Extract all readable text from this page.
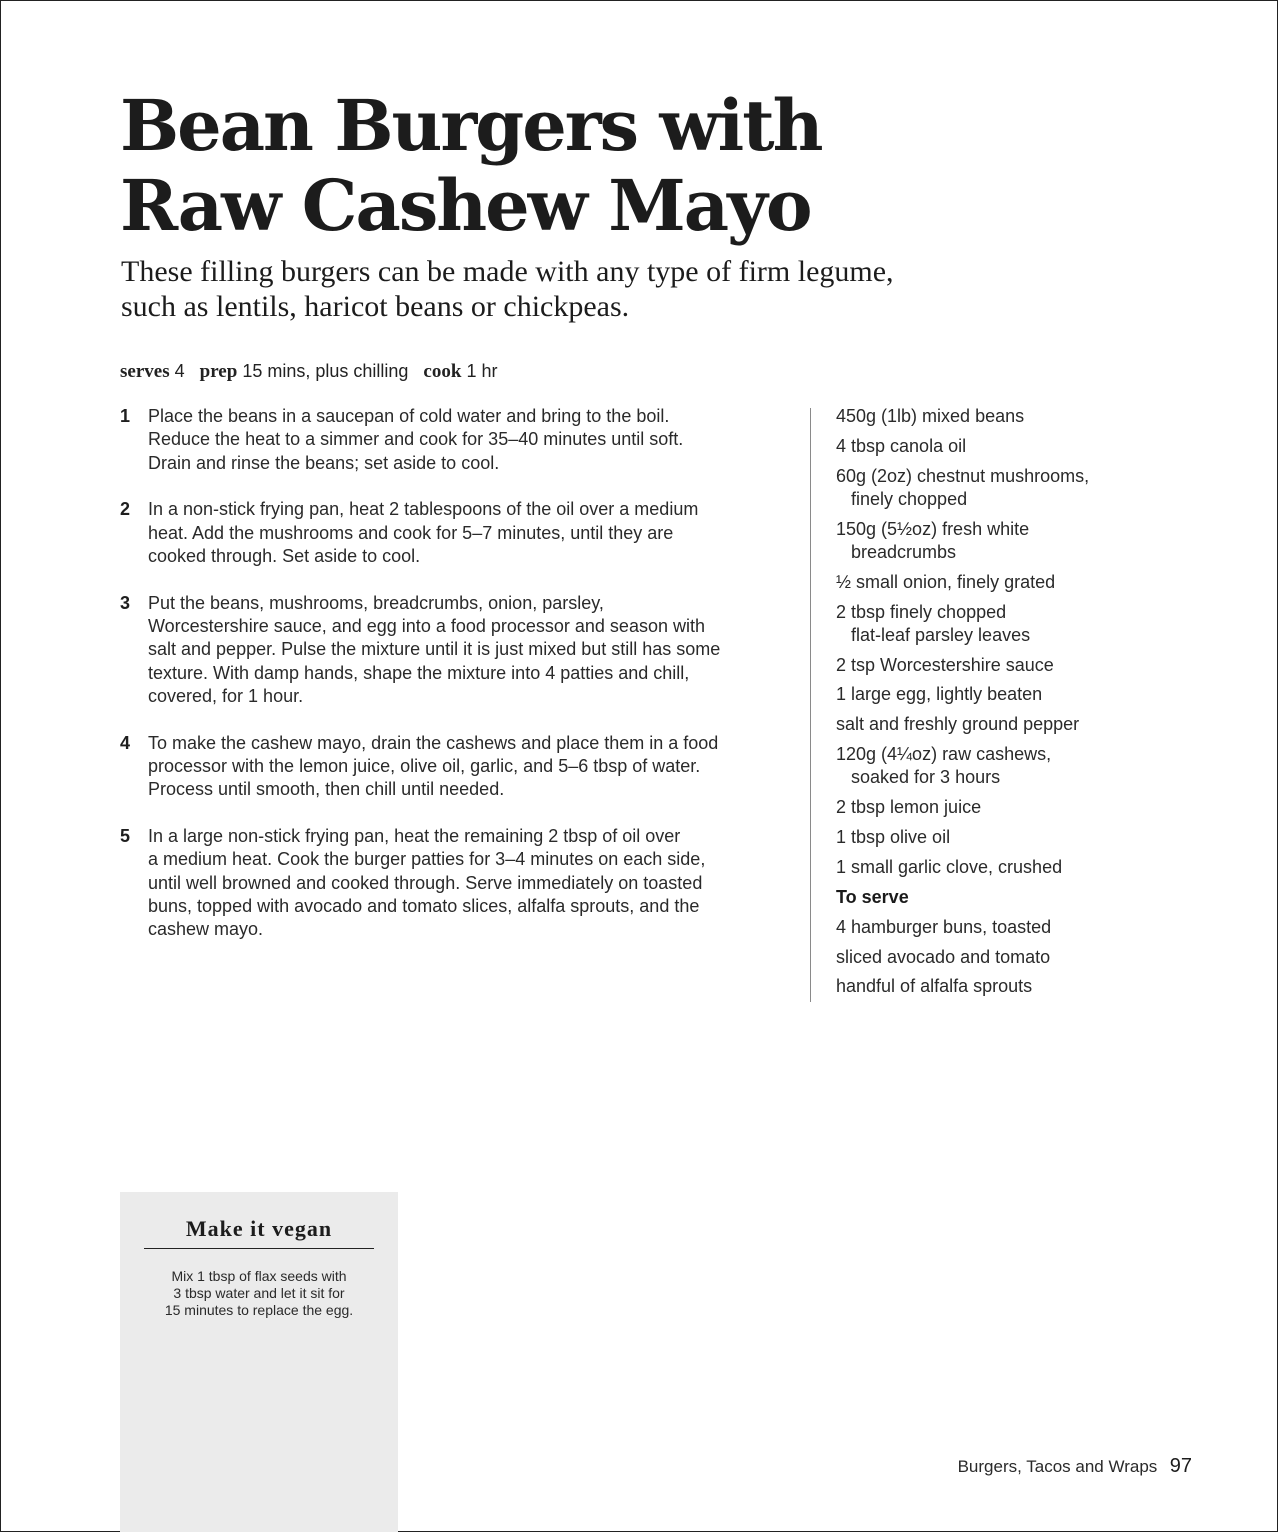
Bean Burgers with
Raw Cashew Mayo

These filling burgers can be made with any type of firm legume,
such as lentils, haricot beans or chickpeas.

serves 4 prep 15 mins, plus chilling cook 1 hr
1 Place the beans in a saucepan of cold water and bring to the boil.
Reduce the heat to a simmer and cook for 35–40 minutes until soft.
Drain and rinse the beans; set aside to cool.
2 In a non-stick frying pan, heat 2 tablespoons of the oil over a medium
heat. Add the mushrooms and cook for 5–7 minutes, until they are
cooked through. Set aside to cool.
3 Put the beans, mushrooms, breadcrumbs, onion, parsley,
Worcestershire sauce, and egg into a food processor and season with
salt and pepper. Pulse the mixture until it is just mixed but still has some
texture. With damp hands, shape the mixture into 4 patties and chill,
covered, for 1 hour.
4 To make the cashew mayo, drain the cashews and place them in a food
processor with the lemon juice, olive oil, garlic, and 5–6 tbsp of water.
Process until smooth, then chill until needed.
5 In a large non-stick frying pan, heat the remaining 2 tbsp of oil over
a medium heat. Cook the burger patties for 3–4 minutes on each side,
until well browned and cooked through. Serve immediately on toasted
buns, topped with avocado and tomato slices, alfalfa sprouts, and the
cashew mayo.
450g (1lb) mixed beans
4 tbsp canola oil
60g (2oz) chestnut mushrooms,
finely chopped
150g (5½oz) fresh white
breadcrumbs
½ small onion, finely grated
2 tbsp finely chopped
flat-leaf parsley leaves
2 tsp Worcestershire sauce
1 large egg, lightly beaten
salt and freshly ground pepper
120g (4¼oz) raw cashews,
soaked for 3 hours
2 tbsp lemon juice
1 tbsp olive oil
1 small garlic clove, crushed
To serve
4 hamburger buns, toasted
sliced avocado and tomato
handful of alfalfa sprouts
Make it vegan
Mix 1 tbsp of flax seeds with
3 tbsp water and let it sit for
15 minutes to replace the egg.
Burgers, Tacos and Wraps 97
